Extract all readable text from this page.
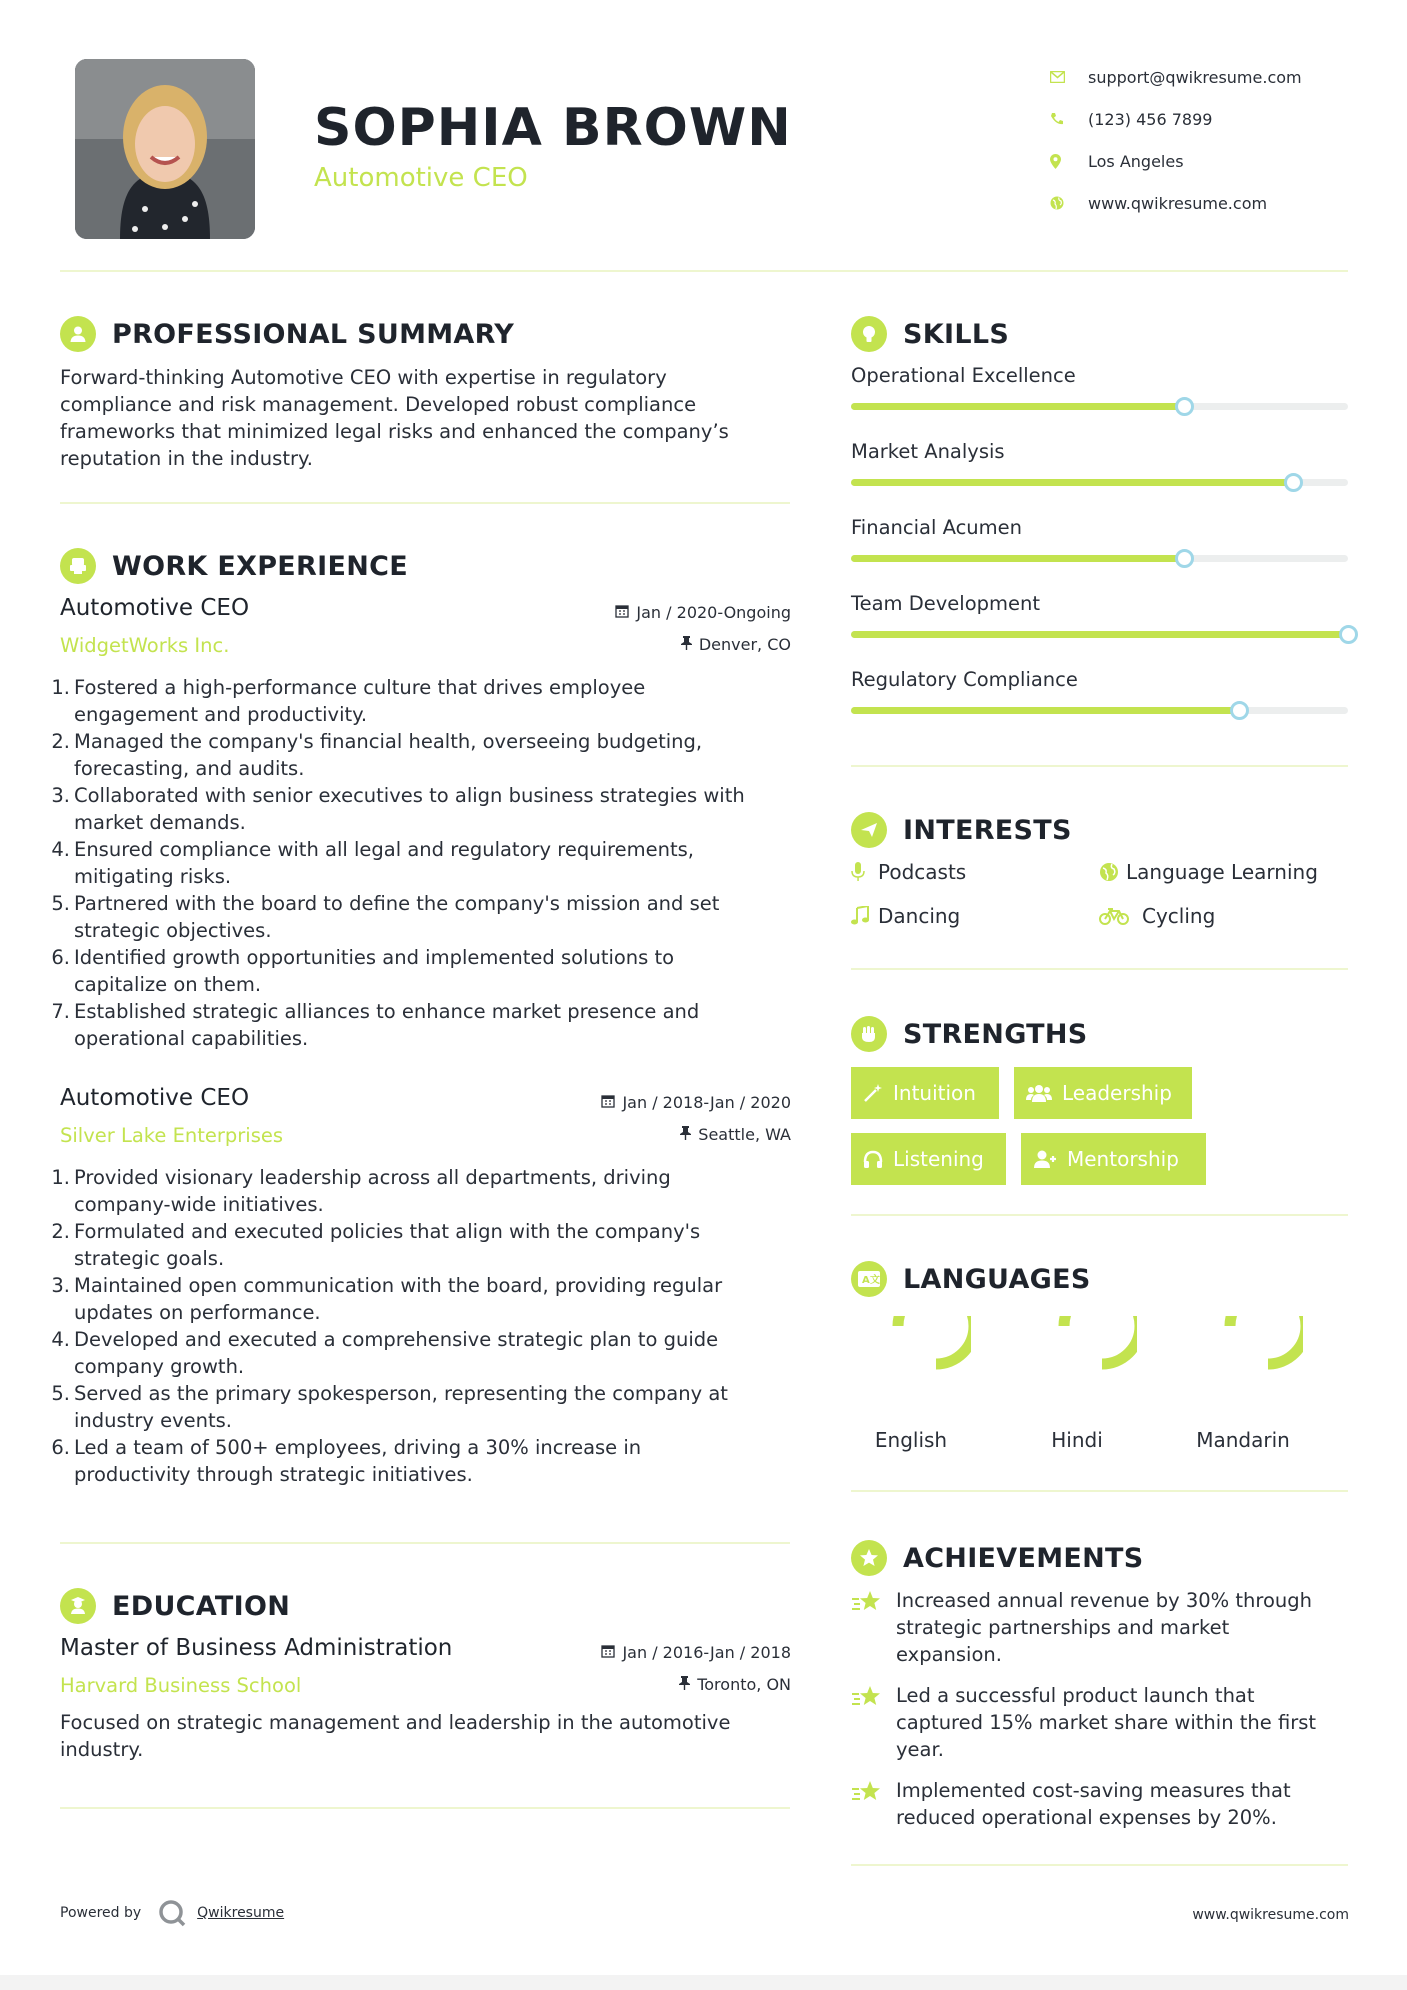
SOPHIA BROWN
Automotive CEO
support@qwikresume.com
(123) 456 7899
Los Angeles
www.qwikresume.com
PROFESSIONAL SUMMARY
Forward-thinking Automotive CEO with expertise in regulatory
compliance and risk management. Developed robust compliance
frameworks that minimized legal risks and enhanced the company’s
reputation in the industry.
WORK EXPERIENCE
Automotive CEO
WidgetWorks Inc.
Jan / 2020-Ongoing
Denver, CO
1. Fostered a high-performance culture that drives employee
engagement and productivity.
2. Managed the company's financial health, overseeing budgeting,
forecasting, and audits.
3. Collaborated with senior executives to align business strategies with
market demands.
4. Ensured compliance with all legal and regulatory requirements,
mitigating risks.
5. Partnered with the board to define the company's mission and set
strategic objectives.
6. Identified growth opportunities and implemented solutions to
capitalize on them.
7. Established strategic alliances to enhance market presence and
operational capabilities.
Automotive CEO
Silver Lake Enterprises
Jan / 2018-Jan / 2020
Seattle, WA
1. Provided visionary leadership across all departments, driving
company-wide initiatives.
2. Formulated and executed policies that align with the company's
strategic goals.
3. Maintained open communication with the board, providing regular
updates on performance.
4. Developed and executed a comprehensive strategic plan to guide
company growth.
5. Served as the primary spokesperson, representing the company at
industry events.
6. Led a team of 500+ employees, driving a 30% increase in
productivity through strategic initiatives.
EDUCATION
Master of Business Administration
Harvard Business School
Jan / 2016-Jan / 2018
Toronto, ON
Focused on strategic management and leadership in the automotive
industry.
SKILLS
Operational Excellence
Market Analysis
Financial Acumen
Team Development
Regulatory Compliance
INTERESTS
Podcasts	Language Learning
Dancing	Cycling
STRENGTHS
Intuition	Leadership
Listening	Mentorship
A 文 LANGUAGES
English	Hindi	Mandarin
ACHIEVEMENTS
Increased annual revenue by 30% through
strategic partnerships and market
expansion.
Led a successful product launch that
captured 15% market share within the first
year.
Implemented cost-saving measures that
reduced operational expenses by 20%.
Powered by	Qwikresume	www.qwikresume.com
